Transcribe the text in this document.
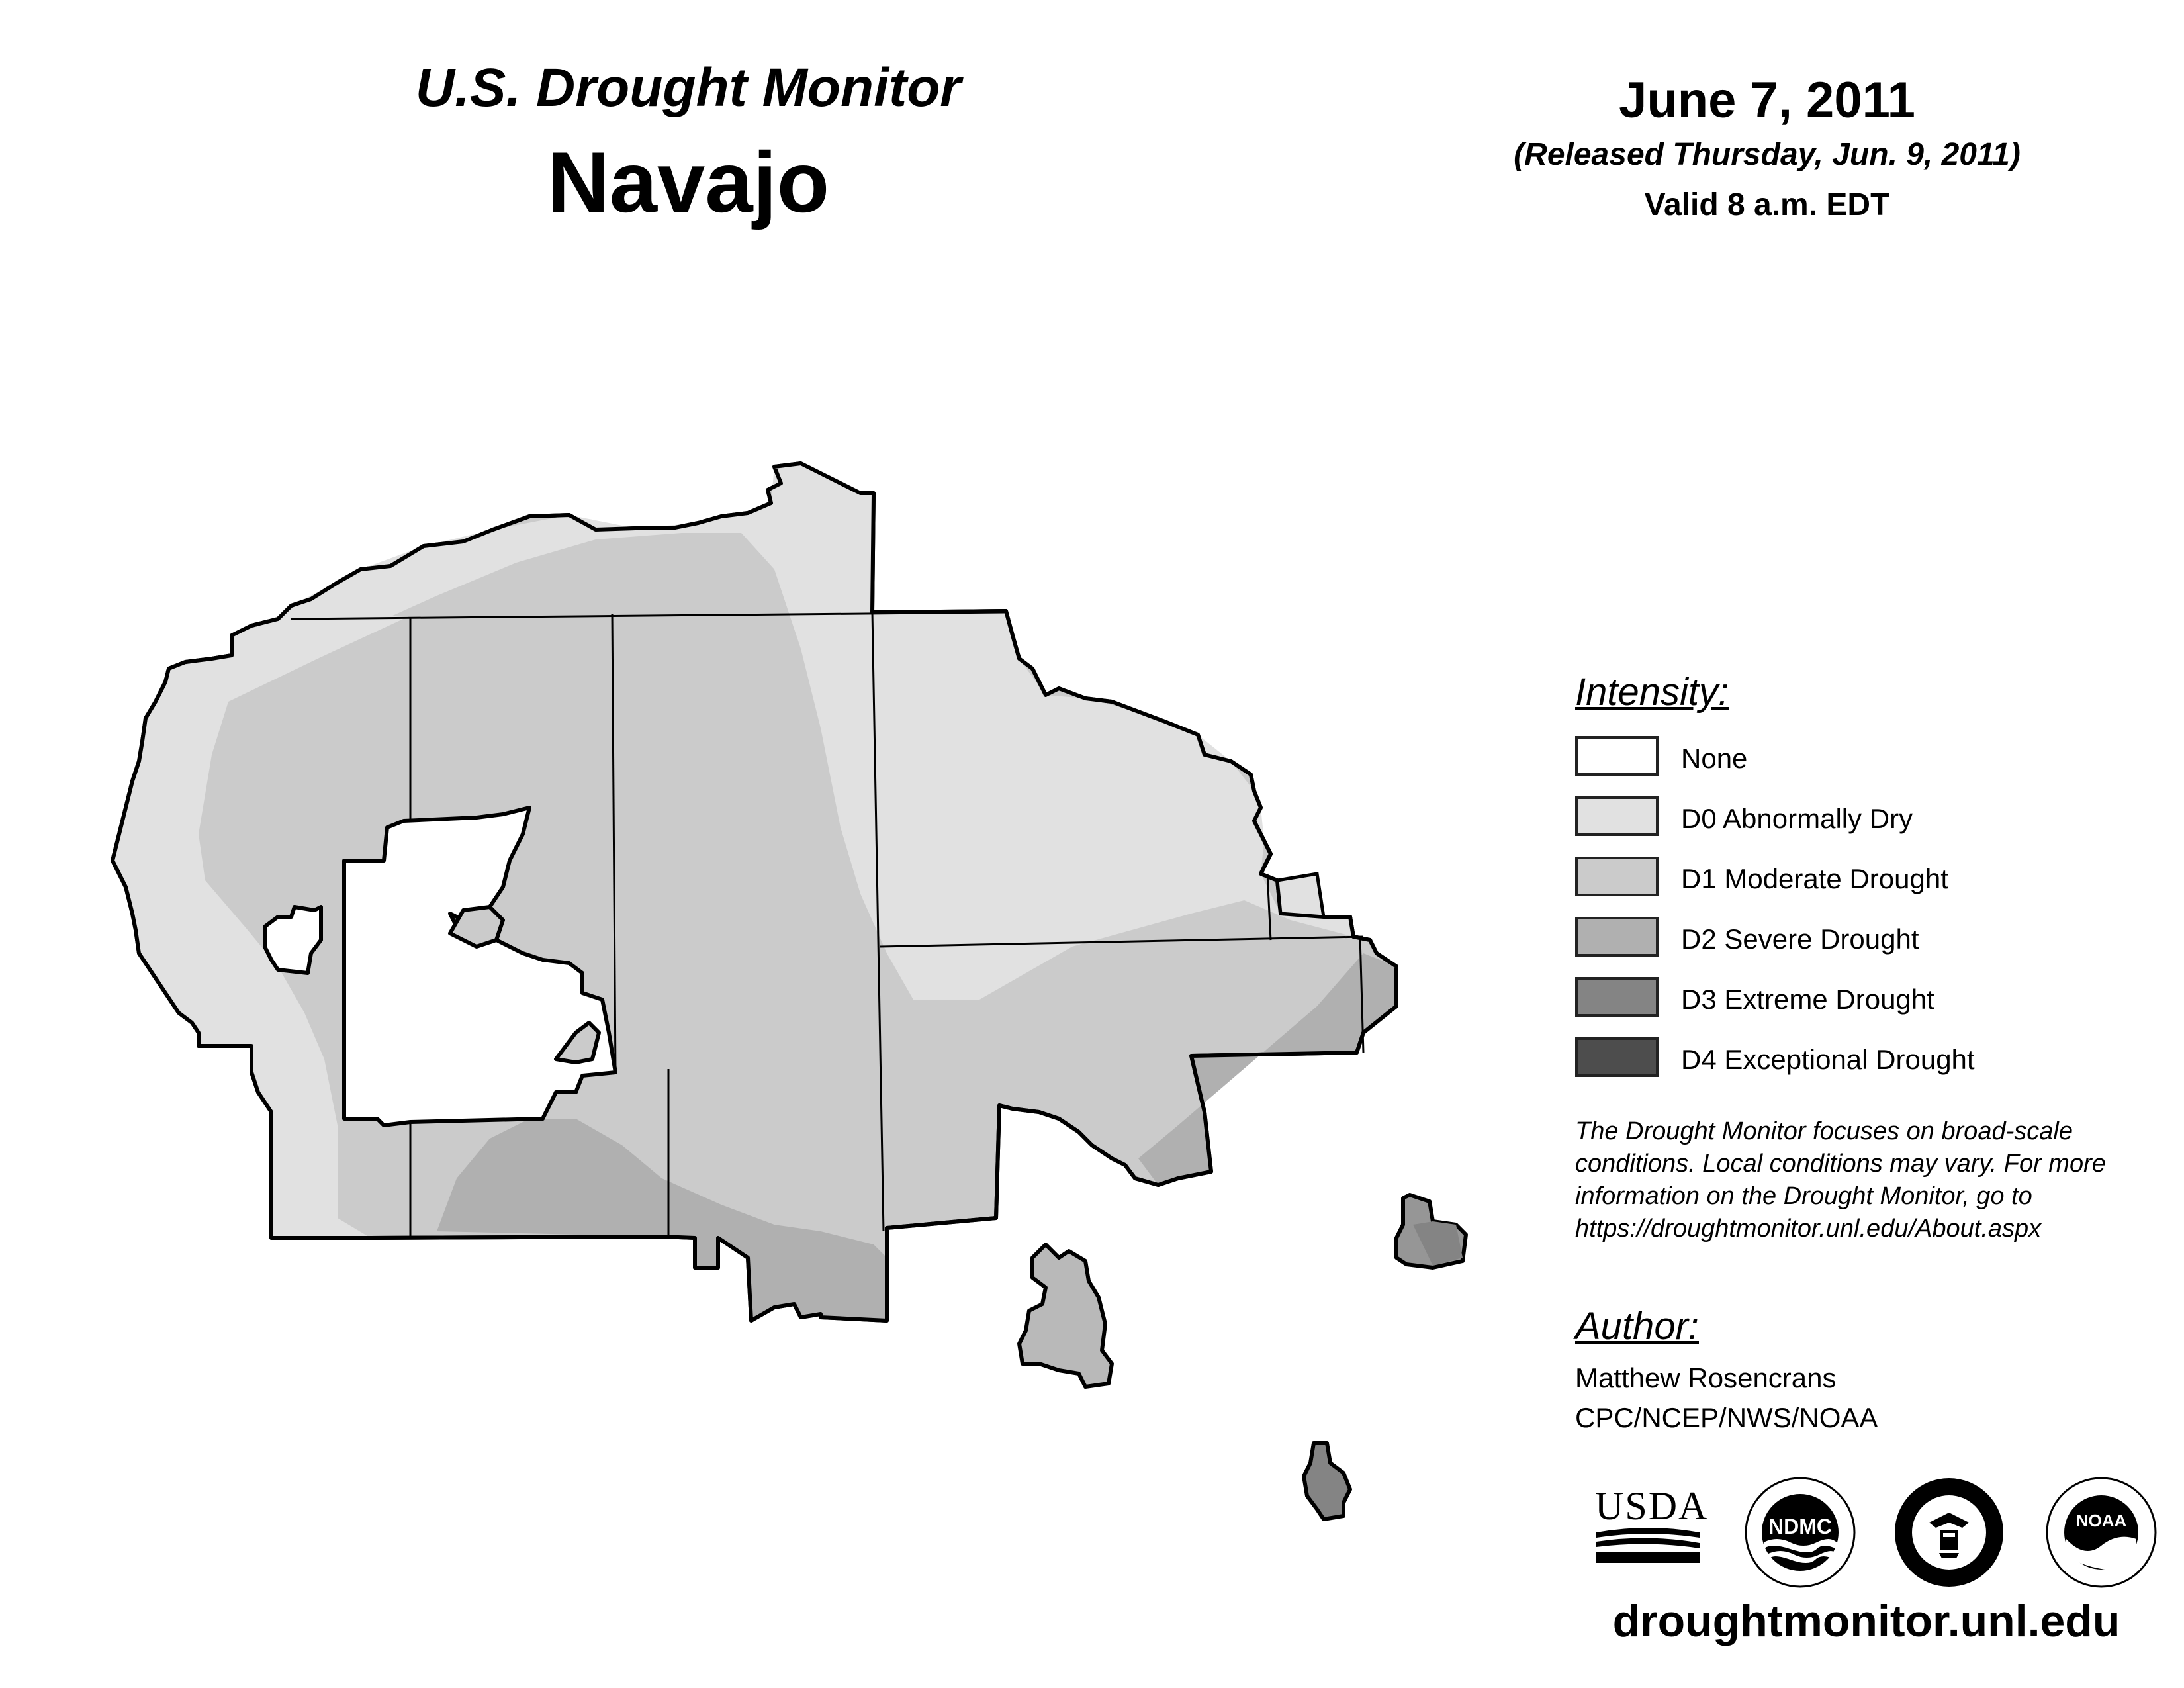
U.S. Drought Monitor
Navajo
June 7, 2011
(Released Thursday, Jun. 9, 2011)
Valid 8 a.m. EDT
Intensity:
None
D0 Abnormally Dry
D1 Moderate Drought
D2 Severe Drought
D3 Extreme Drought
D4 Exceptional Drought
The Drought Monitor focuses on broad-scale
conditions. Local conditions may vary. For more
information on the Drought Monitor, go to
https://droughtmonitor.unl.edu/About.aspx
Author:
Matthew Rosencrans
CPC/NCEP/NWS/NOAA
USDA	NDMC	NOAA
droughtmonitor.unl.edu
